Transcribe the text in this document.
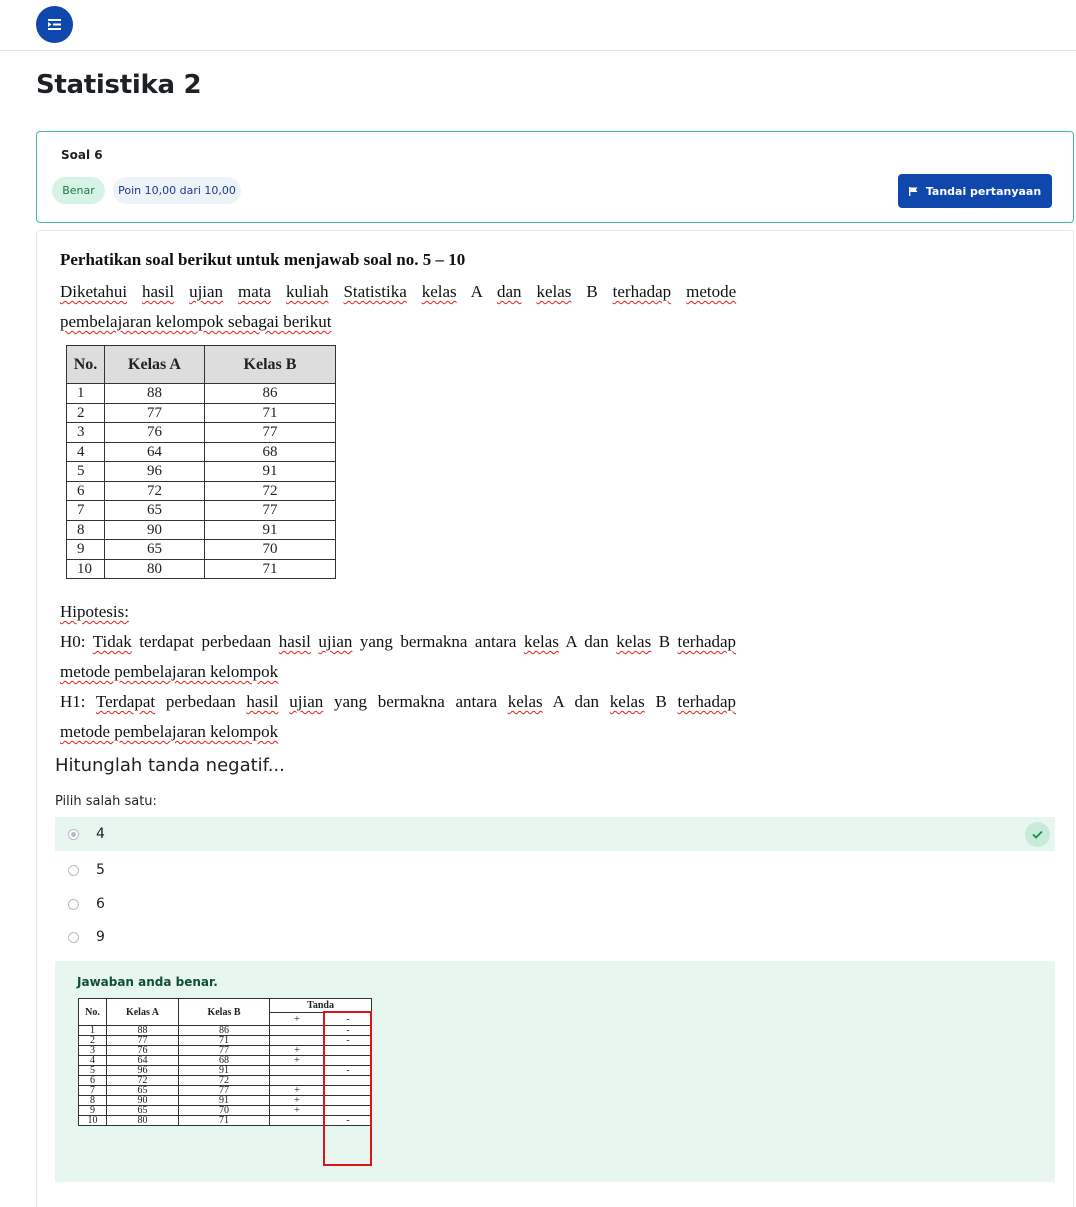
Statistika 2
Soal 6
Benar	Poin 10,00 dari 10,00	Tandai pertanyaan
Perhatikan soal berikut untuk menjawab soal no. 5 – 10
Diketahui hasil ujian mata kuliah Statistika kelas A dan kelas B terhadap metode
pembelajaran kelompok sebagai berikut
No.	Kelas A	Kelas B
1	88	86
2	77	71
3	76	77
4	64	68
5	96	91
6	72	72
7	65	77
8	90	91
9	65	70
10	80	71
Hipotesis:
H0: Tidak terdapat perbedaan hasil ujian yang bermakna antara kelas A dan kelas B terhadap
metode pembelajaran kelompok
H1: Terdapat perbedaan hasil ujian yang bermakna antara kelas A dan kelas B terhadap
metode pembelajaran kelompok
Hitunglah tanda negatif...
Pilih salah satu:
4
5
6
9
Jawaban anda benar.
No.	Kelas A	Kelas B	Tanda	
			+	-
1	88	86		-
2	77	71		-
3	76	77	+	
4	64	68	+	
5	96	91		-
6	72	72		
7	65	77	+	
8	90	91	+	
9	65	70	+	
10	80	71		-
